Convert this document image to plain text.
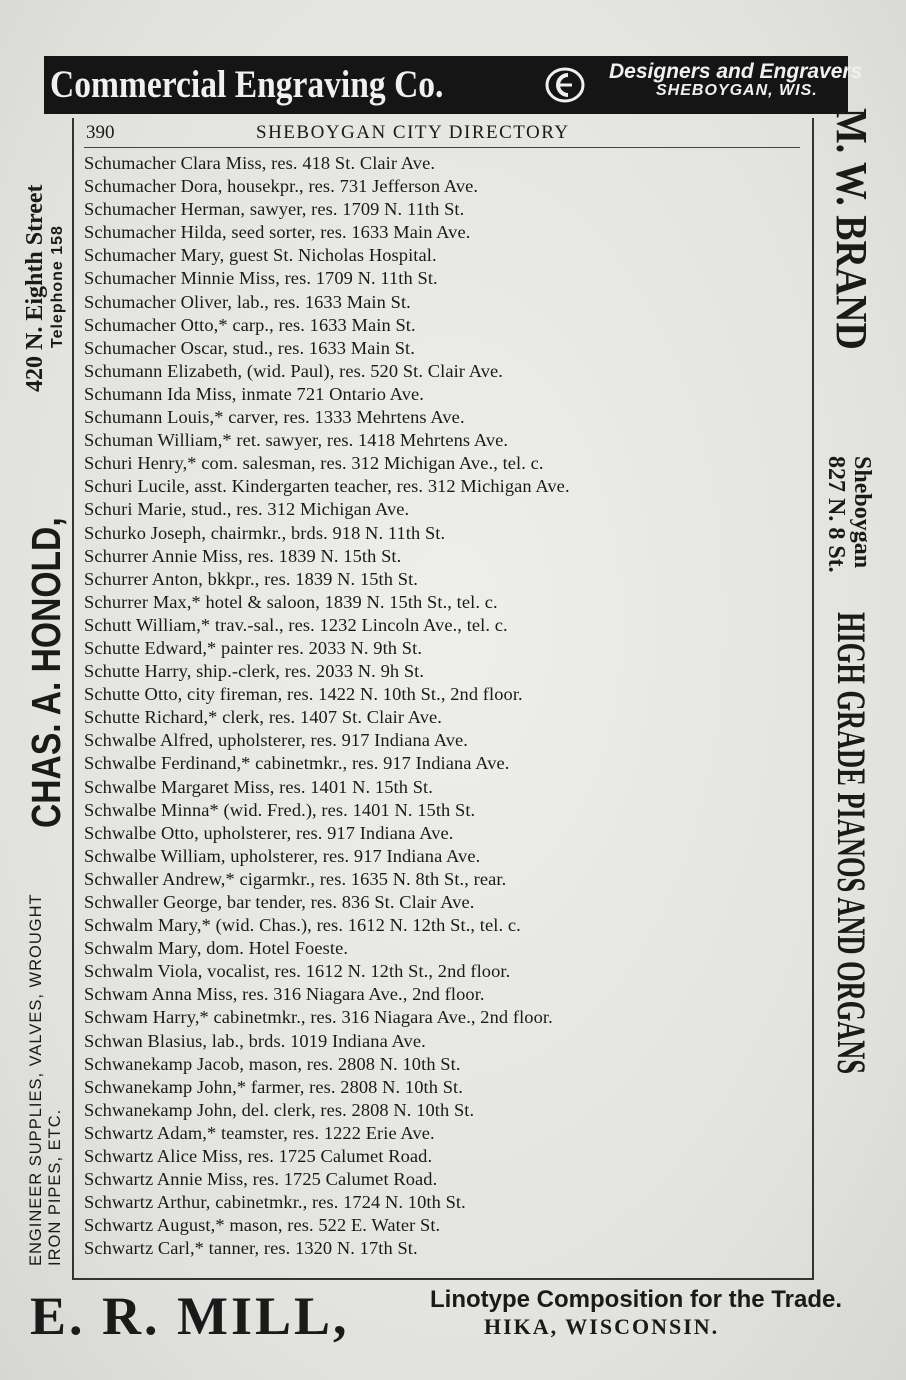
Commercial Engraving Co.	Designers and Engravers
SHEBOYGAN, WIS.
390	SHEBOYGAN CITY DIRECTORY
Schumacher Clara Miss, res. 418 St. Clair Ave.
Schumacher Dora, housekpr., res. 731 Jefferson Ave.
Schumacher Herman, sawyer, res. 1709 N. 11th St.
Schumacher Hilda, seed sorter, res. 1633 Main Ave.
Schumacher Mary, guest St. Nicholas Hospital.
Schumacher Minnie Miss, res. 1709 N. 11th St.
Schumacher Oliver, lab., res. 1633 Main St.
Schumacher Otto,* carp., res. 1633 Main St.
Schumacher Oscar, stud., res. 1633 Main St.
Schumann Elizabeth, (wid. Paul), res. 520 St. Clair Ave.
Schumann Ida Miss, inmate 721 Ontario Ave.
Schumann Louis,* carver, res. 1333 Mehrtens Ave.
Schuman William,* ret. sawyer, res. 1418 Mehrtens Ave.
Schuri Henry,* com. salesman, res. 312 Michigan Ave., tel. c.
Schuri Lucile, asst. Kindergarten teacher, res. 312 Michigan Ave.
Schuri Marie, stud., res. 312 Michigan Ave.
Schurko Joseph, chairmkr., brds. 918 N. 11th St.
Schurrer Annie Miss, res. 1839 N. 15th St.
Schurrer Anton, bkkpr., res. 1839 N. 15th St.
Schurrer Max,* hotel & saloon, 1839 N. 15th St., tel. c.
Schutt William,* trav.-sal., res. 1232 Lincoln Ave., tel. c.
Schutte Edward,* painter res. 2033 N. 9th St.
Schutte Harry, ship.-clerk, res. 2033 N. 9h St.
Schutte Otto, city fireman, res. 1422 N. 10th St., 2nd floor.
Schutte Richard,* clerk, res. 1407 St. Clair Ave.
Schwalbe Alfred, upholsterer, res. 917 Indiana Ave.
Schwalbe Ferdinand,* cabinetmkr., res. 917 Indiana Ave.
Schwalbe Margaret Miss, res. 1401 N. 15th St.
Schwalbe Minna* (wid. Fred.), res. 1401 N. 15th St.
Schwalbe Otto, upholsterer, res. 917 Indiana Ave.
Schwalbe William, upholsterer, res. 917 Indiana Ave.
Schwaller Andrew,* cigarmkr., res. 1635 N. 8th St., rear.
Schwaller George, bar tender, res. 836 St. Clair Ave.
Schwalm Mary,* (wid. Chas.), res. 1612 N. 12th St., tel. c.
Schwalm Mary, dom. Hotel Foeste.
Schwalm Viola, vocalist, res. 1612 N. 12th St., 2nd floor.
Schwam Anna Miss, res. 316 Niagara Ave., 2nd floor.
Schwam Harry,* cabinetmkr., res. 316 Niagara Ave., 2nd floor.
Schwan Blasius, lab., brds. 1019 Indiana Ave.
Schwanekamp Jacob, mason, res. 2808 N. 10th St.
Schwanekamp John,* farmer, res. 2808 N. 10th St.
Schwanekamp John, del. clerk, res. 2808 N. 10th St.
Schwartz Adam,* teamster, res. 1222 Erie Ave.
Schwartz Alice Miss, res. 1725 Calumet Road.
Schwartz Annie Miss, res. 1725 Calumet Road.
Schwartz Arthur, cabinetmkr., res. 1724 N. 10th St.
Schwartz August,* mason, res. 522 E. Water St.
Schwartz Carl,* tanner, res. 1320 N. 17th St.
ENGINEER SUPPLIES, VALVES, WROUGHT IRON PIPES, ETC.
CHAS. A. HONOLD,
420 N. Eighth Street Telephone 158	M. W. BRAND
Sheboygan
827 N. 8 St.
HIGH GRADE PIANOS AND ORGANS
E. R. MILL,	Linotype Composition for the Trade.
HIKA, WISCONSIN.
